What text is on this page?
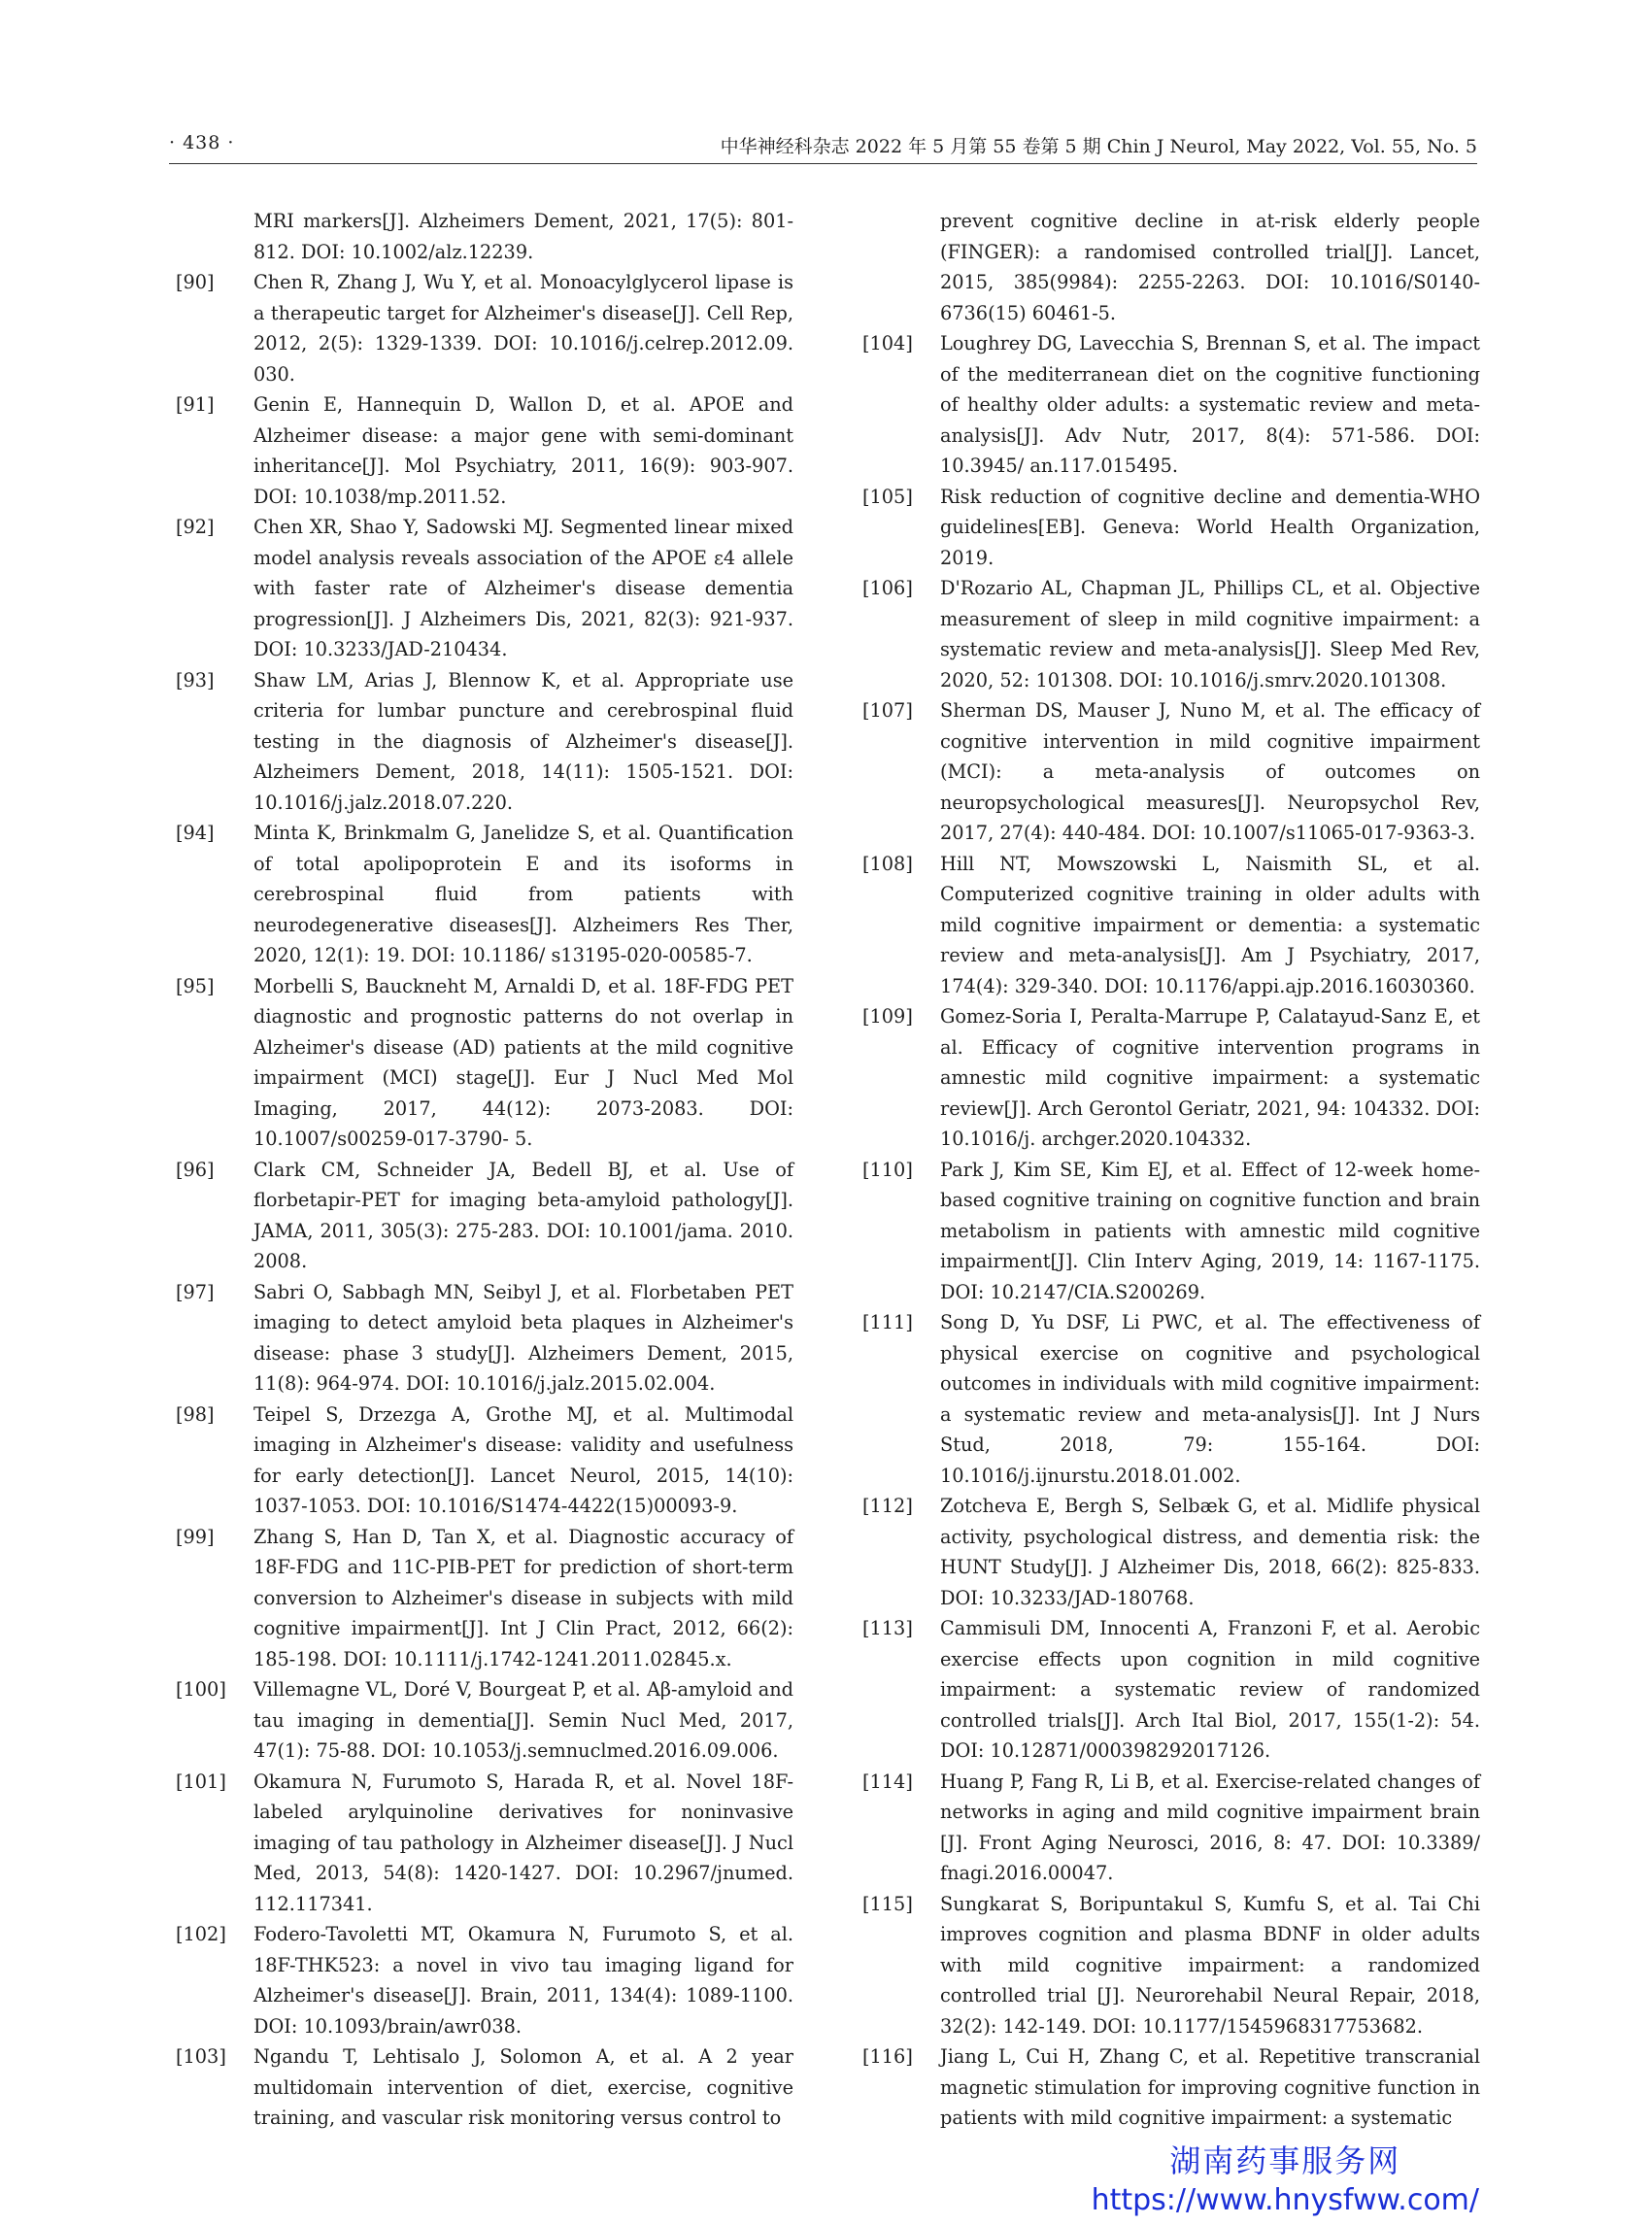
· 438 ·	中华神经科杂志 2022 年 5 月第 55 卷第 5 期 Chin J Neurol, May 2022, Vol. 55, No. 5
MRI markers[J]. Alzheimers Dement, 2021, 17(5): 801-812. DOI: 10.1002/alz.12239.
[90] Chen R, Zhang J, Wu Y, et al. Monoacylglycerol lipase is a therapeutic target for Alzheimer's disease[J]. Cell Rep, 2012, 2(5): 1329-1339. DOI: 10.1016/j.celrep.2012.09. 030.
[91] Genin E, Hannequin D, Wallon D, et al. APOE and Alzheimer disease: a major gene with semi-dominant inheritance[J]. Mol Psychiatry, 2011, 16(9): 903-907. DOI: 10.1038/mp.2011.52.
[92] Chen XR, Shao Y, Sadowski MJ. Segmented linear mixed model analysis reveals association of the APOE ε4 allele with faster rate of Alzheimer's disease dementia progression[J]. J Alzheimers Dis, 2021, 82(3): 921-937. DOI: 10.3233/JAD-210434.
[93] Shaw LM, Arias J, Blennow K, et al. Appropriate use criteria for lumbar puncture and cerebrospinal fluid testing in the diagnosis of Alzheimer's disease[J]. Alzheimers Dement, 2018, 14(11): 1505-1521. DOI: 10.1016/j.jalz.2018.07.220.
[94] Minta K, Brinkmalm G, Janelidze S, et al. Quantification of total apolipoprotein E and its isoforms in cerebrospinal fluid from patients with neurodegenerative diseases[J]. Alzheimers Res Ther, 2020, 12(1): 19. DOI: 10.1186/ s13195-020-00585-7.
[95] Morbelli S, Bauckneht M, Arnaldi D, et al. 18F-FDG PET diagnostic and prognostic patterns do not overlap in Alzheimer's disease (AD) patients at the mild cognitive impairment (MCI) stage[J]. Eur J Nucl Med Mol Imaging, 2017, 44(12): 2073-2083. DOI: 10.1007/s00259-017-3790- 5.
[96] Clark CM, Schneider JA, Bedell BJ, et al. Use of florbetapir-PET for imaging beta-amyloid pathology[J]. JAMA, 2011, 305(3): 275-283. DOI: 10.1001/jama. 2010. 2008.
[97] Sabri O, Sabbagh MN, Seibyl J, et al. Florbetaben PET imaging to detect amyloid beta plaques in Alzheimer's disease: phase 3 study[J]. Alzheimers Dement, 2015, 11(8): 964-974. DOI: 10.1016/j.jalz.2015.02.004.
[98] Teipel S, Drzezga A, Grothe MJ, et al. Multimodal imaging in Alzheimer's disease: validity and usefulness for early detection[J]. Lancet Neurol, 2015, 14(10): 1037-1053. DOI: 10.1016/S1474-4422(15)00093-9.
[99] Zhang S, Han D, Tan X, et al. Diagnostic accuracy of 18F-FDG and 11C-PIB-PET for prediction of short-term conversion to Alzheimer's disease in subjects with mild cognitive impairment[J]. Int J Clin Pract, 2012, 66(2): 185-198. DOI: 10.1111/j.1742-1241.2011.02845.x.
[100] Villemagne VL, Doré V, Bourgeat P, et al. Aβ-amyloid and tau imaging in dementia[J]. Semin Nucl Med, 2017, 47(1): 75-88. DOI: 10.1053/j.semnuclmed.2016.09.006.
[101] Okamura N, Furumoto S, Harada R, et al. Novel 18F-labeled arylquinoline derivatives for noninvasive imaging of tau pathology in Alzheimer disease[J]. J Nucl Med, 2013, 54(8): 1420-1427. DOI: 10.2967/jnumed. 112.117341.
[102] Fodero-Tavoletti MT, Okamura N, Furumoto S, et al. 18F-THK523: a novel in vivo tau imaging ligand for Alzheimer's disease[J]. Brain, 2011, 134(4): 1089-1100. DOI: 10.1093/brain/awr038.
[103] Ngandu T, Lehtisalo J, Solomon A, et al. A 2 year multidomain intervention of diet, exercise, cognitive training, and vascular risk monitoring versus control to
prevent cognitive decline in at-risk elderly people (FINGER): a randomised controlled trial[J]. Lancet, 2015, 385(9984): 2255-2263. DOI: 10.1016/S0140-6736(15) 60461-5.
[104] Loughrey DG, Lavecchia S, Brennan S, et al. The impact of the mediterranean diet on the cognitive functioning of healthy older adults: a systematic review and meta-analysis[J]. Adv Nutr, 2017, 8(4): 571-586. DOI: 10.3945/ an.117.015495.
[105] Risk reduction of cognitive decline and dementia-WHO guidelines[EB]. Geneva: World Health Organization, 2019.
[106] D'Rozario AL, Chapman JL, Phillips CL, et al. Objective measurement of sleep in mild cognitive impairment: a systematic review and meta-analysis[J]. Sleep Med Rev, 2020, 52: 101308. DOI: 10.1016/j.smrv.2020.101308.
[107] Sherman DS, Mauser J, Nuno M, et al. The efficacy of cognitive intervention in mild cognitive impairment (MCI): a meta-analysis of outcomes on neuropsychological measures[J]. Neuropsychol Rev, 2017, 27(4): 440-484. DOI: 10.1007/s11065-017-9363-3.
[108] Hill NT, Mowszowski L, Naismith SL, et al. Computerized cognitive training in older adults with mild cognitive impairment or dementia: a systematic review and meta-analysis[J]. Am J Psychiatry, 2017, 174(4): 329-340. DOI: 10.1176/appi.ajp.2016.16030360.
[109] Gomez-Soria I, Peralta-Marrupe P, Calatayud-Sanz E, et al. Efficacy of cognitive intervention programs in amnestic mild cognitive impairment: a systematic review[J]. Arch Gerontol Geriatr, 2021, 94: 104332. DOI: 10.1016/j. archger.2020.104332.
[110] Park J, Kim SE, Kim EJ, et al. Effect of 12-week home-based cognitive training on cognitive function and brain metabolism in patients with amnestic mild cognitive impairment[J]. Clin Interv Aging, 2019, 14: 1167-1175. DOI: 10.2147/CIA.S200269.
[111] Song D, Yu DSF, Li PWC, et al. The effectiveness of physical exercise on cognitive and psychological outcomes in individuals with mild cognitive impairment: a systematic review and meta-analysis[J]. Int J Nurs Stud, 2018, 79: 155-164. DOI: 10.1016/j.ijnurstu.2018.01.002.
[112] Zotcheva E, Bergh S, Selbæk G, et al. Midlife physical activity, psychological distress, and dementia risk: the HUNT Study[J]. J Alzheimer Dis, 2018, 66(2): 825-833. DOI: 10.3233/JAD-180768.
[113] Cammisuli DM, Innocenti A, Franzoni F, et al. Aerobic exercise effects upon cognition in mild cognitive impairment: a systematic review of randomized controlled trials[J]. Arch Ital Biol, 2017, 155(1-2): 54. DOI: 10.12871/000398292017126.
[114] Huang P, Fang R, Li B, et al. Exercise-related changes of networks in aging and mild cognitive impairment brain [J]. Front Aging Neurosci, 2016, 8: 47. DOI: 10.3389/ fnagi.2016.00047.
[115] Sungkarat S, Boripuntakul S, Kumfu S, et al. Tai Chi improves cognition and plasma BDNF in older adults with mild cognitive impairment: a randomized controlled trial [J]. Neurorehabil Neural Repair, 2018, 32(2): 142-149. DOI: 10.1177/1545968317753682.
[116] Jiang L, Cui H, Zhang C, et al. Repetitive transcranial magnetic stimulation for improving cognitive function in patients with mild cognitive impairment: a systematic
湖南药事服务网
https://www.hnysfww.com/
